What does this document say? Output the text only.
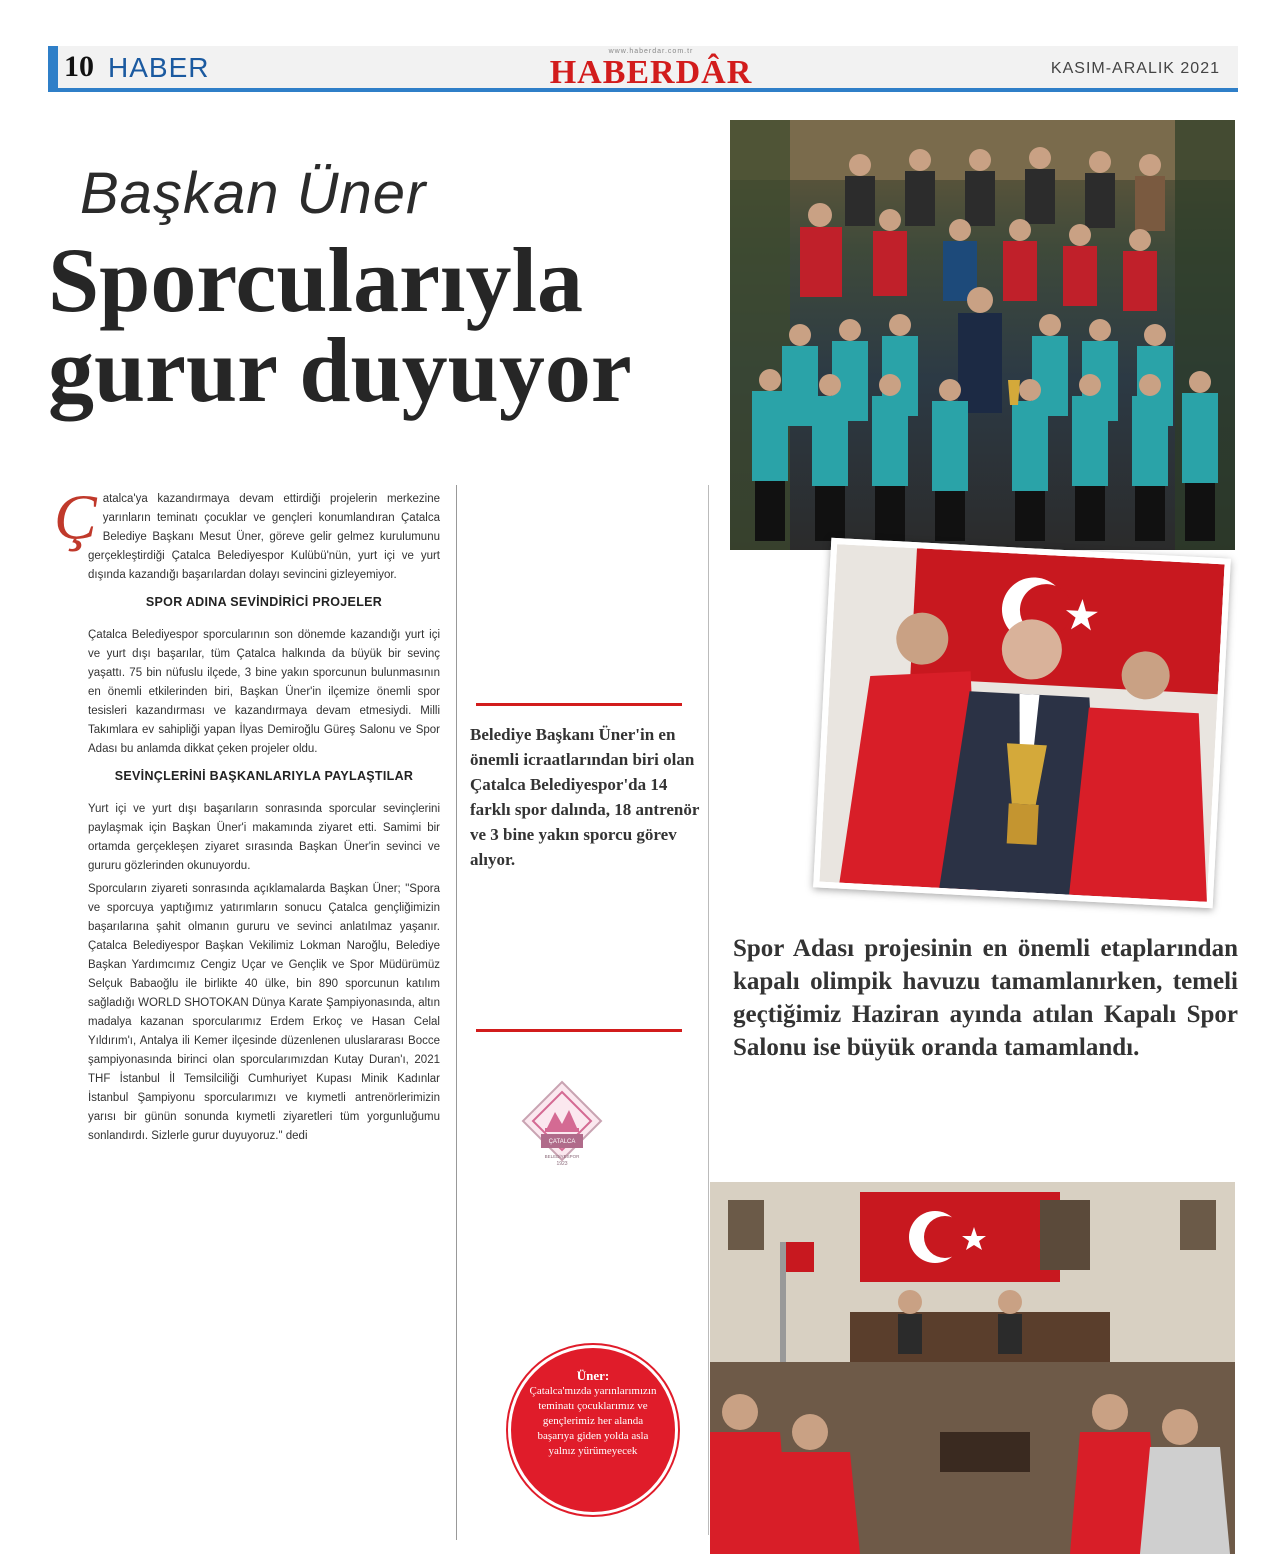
10 HABER
www.haberdar.com.tr
HABERDÂR	KASIM-ARALIK 2021
Başkan Üner
Sporcularıyla
gurur duyuyor

Çatalca'ya kazandırmaya devam ettirdiği projelerin merkezine yarınların teminatı çocuklar ve gençleri konumlandıran Çatalca Belediye Başkanı Mesut Üner, göreve gelir gelmez kurulumunu gerçekleştirdiği Çatalca Belediyespor Kulübü'nün, yurt içi ve yurt dışında kazandığı başarılardan dolayı sevincini gizleyemiyor.

SPOR ADINA SEVİNDİRİCİ PROJELER

Çatalca Belediyespor sporcularının son dönemde kazandığı yurt içi ve yurt dışı başarılar, tüm Çatalca halkında da büyük bir sevinç yaşattı. 75 bin nüfuslu ilçede, 3 bine yakın sporcunun bulunmasının en önemli etkilerinden biri, Başkan Üner'in ilçemize önemli spor tesisleri kazandırması ve kazandırmaya devam etmesiydi. Milli Takımlara ev sahipliği yapan İlyas Demiroğlu Güreş Salonu ve Spor Adası bu anlamda dikkat çeken projeler oldu.

SEVİNÇLERİNİ BAŞKANLARIYLA PAYLAŞTILAR

Yurt içi ve yurt dışı başarıların sonrasında sporcular sevinçlerini paylaşmak için Başkan Üner'i makamında ziyaret etti. Samimi bir ortamda gerçekleşen ziyaret sırasında Başkan Üner'in sevinci ve gururu gözlerinden okunuyordu.

Sporcuların ziyareti sonrasında açıklamalarda Başkan Üner; "Spora ve sporcuya yaptığımız yatırımların sonucu Çatalca gençliğimizin başarılarına şahit olmanın gururu ve sevinci anlatılmaz yaşanır. Çatalca Belediyespor Başkan Vekilimiz Lokman Naroğlu, Belediye Başkan Yardımcımız Cengiz Uçar ve Gençlik ve Spor Müdürümüz Selçuk Babaoğlu ile birlikte 40 ülke, bin 890 sporcunun katılım sağladığı WORLD SHOTOKAN Dünya Karate Şampiyonasında, altın madalya kazanan sporcularımız Erdem Erkoç ve Hasan Celal Yıldırım'ı, Antalya ili Kemer ilçesinde düzenlenen uluslararası Bocce şampiyonasında birinci olan sporcularımızdan Kutay Duran'ı, 2021 THF İstanbul İl Temsilciliği Cumhuriyet Kupası Minik Kadınlar İstanbul Şampiyonu sporcularımızı ve kıymetli antrenörlerimizin yarısı bir günün sonunda kıymetli ziyaretleri tüm yorgunluğumu sonlandırdı. Sizlerle gurur duyuyoruz." dedi

Belediye Başkanı Üner'in en önemli icraatlarından biri olan Çatalca Belediyespor'da 14 farklı spor dalında, 18 antrenör ve 3 bine yakın sporcu görev alıyor.
ÇATALCA
BELEDİYESPOR
1923
Spor Adası projesinin en önemli etaplarından kapalı olimpik havuzu tamamlanırken, temeli geçtiğimiz Haziran ayında atılan Kapalı Spor Salonu ise büyük oranda tamamlandı.
Üner:
Çatalca'mızda yarınlarımızın teminatı çocuklarımız ve gençlerimiz her alanda başarıya giden yolda asla yalnız yürümeyecek
